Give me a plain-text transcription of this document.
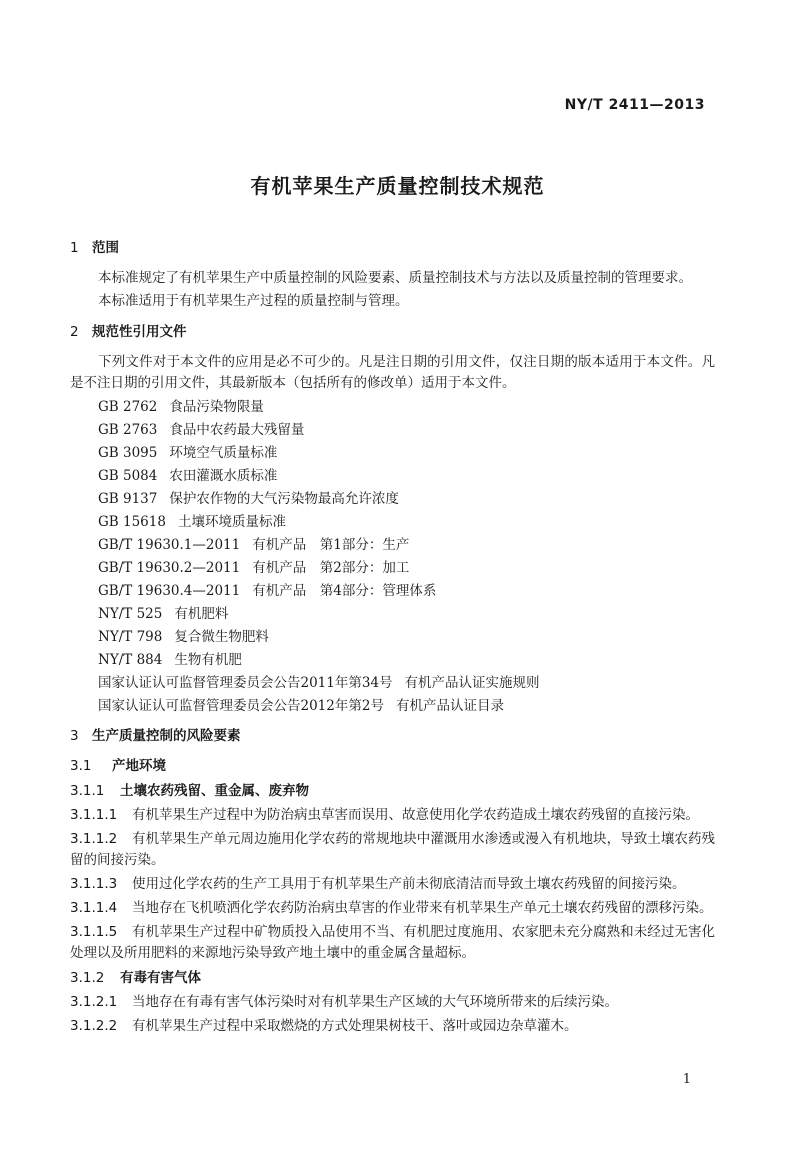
NY/T 2411—2013
有机苹果生产质量控制技术规范
1 范围

本标准规定了有机苹果生产中质量控制的风险要素、质量控制技术与方法以及质量控制的管理要求。

本标准适用于有机苹果生产过程的质量控制与管理。

2 规范性引用文件

下列文件对于本文件的应用是必不可少的。凡是注日期的引用文件，仅注日期的版本适用于本文件。凡是不注日期的引用文件，其最新版本（包括所有的修改单）适用于本文件。

GB 2762 食品污染物限量
GB 2763 食品中农药最大残留量
GB 3095 环境空气质量标准
GB 5084 农田灌溉水质标准
GB 9137 保护农作物的大气污染物最高允许浓度
GB 15618 土壤环境质量标准
GB/T 19630.1—2011 有机产品　第1部分：生产
GB/T 19630.2—2011 有机产品　第2部分：加工
GB/T 19630.4—2011 有机产品　第4部分：管理体系
NY/T 525 有机肥料
NY/T 798 复合微生物肥料
NY/T 884 生物有机肥
国家认证认可监督管理委员会公告2011年第34号 有机产品认证实施规则
国家认证认可监督管理委员会公告2012年第2号 有机产品认证目录
3 生产质量控制的风险要素
3.1 产地环境
3.1.1 土壤农药残留、重金属、废弃物

3.1.1.1 有机苹果生产过程中为防治病虫草害而误用、故意使用化学农药造成土壤农药残留的直接污染。

3.1.1.2 有机苹果生产单元周边施用化学农药的常规地块中灌溉用水渗透或漫入有机地块，导致土壤农药残留的间接污染。

3.1.1.3 使用过化学农药的生产工具用于有机苹果生产前未彻底清洁而导致土壤农药残留的间接污染。

3.1.1.4 当地存在飞机喷洒化学农药防治病虫草害的作业带来有机苹果生产单元土壤农药残留的漂移污染。

3.1.1.5 有机苹果生产过程中矿物质投入品使用不当、有机肥过度施用、农家肥未充分腐熟和未经过无害化处理以及所用肥料的来源地污染导致产地土壤中的重金属含量超标。

3.1.2 有毒有害气体

3.1.2.1 当地存在有毒有害气体污染时对有机苹果生产区域的大气环境所带来的后续污染。

3.1.2.2 有机苹果生产过程中采取燃烧的方式处理果树枝干、落叶或园边杂草灌木。

1
